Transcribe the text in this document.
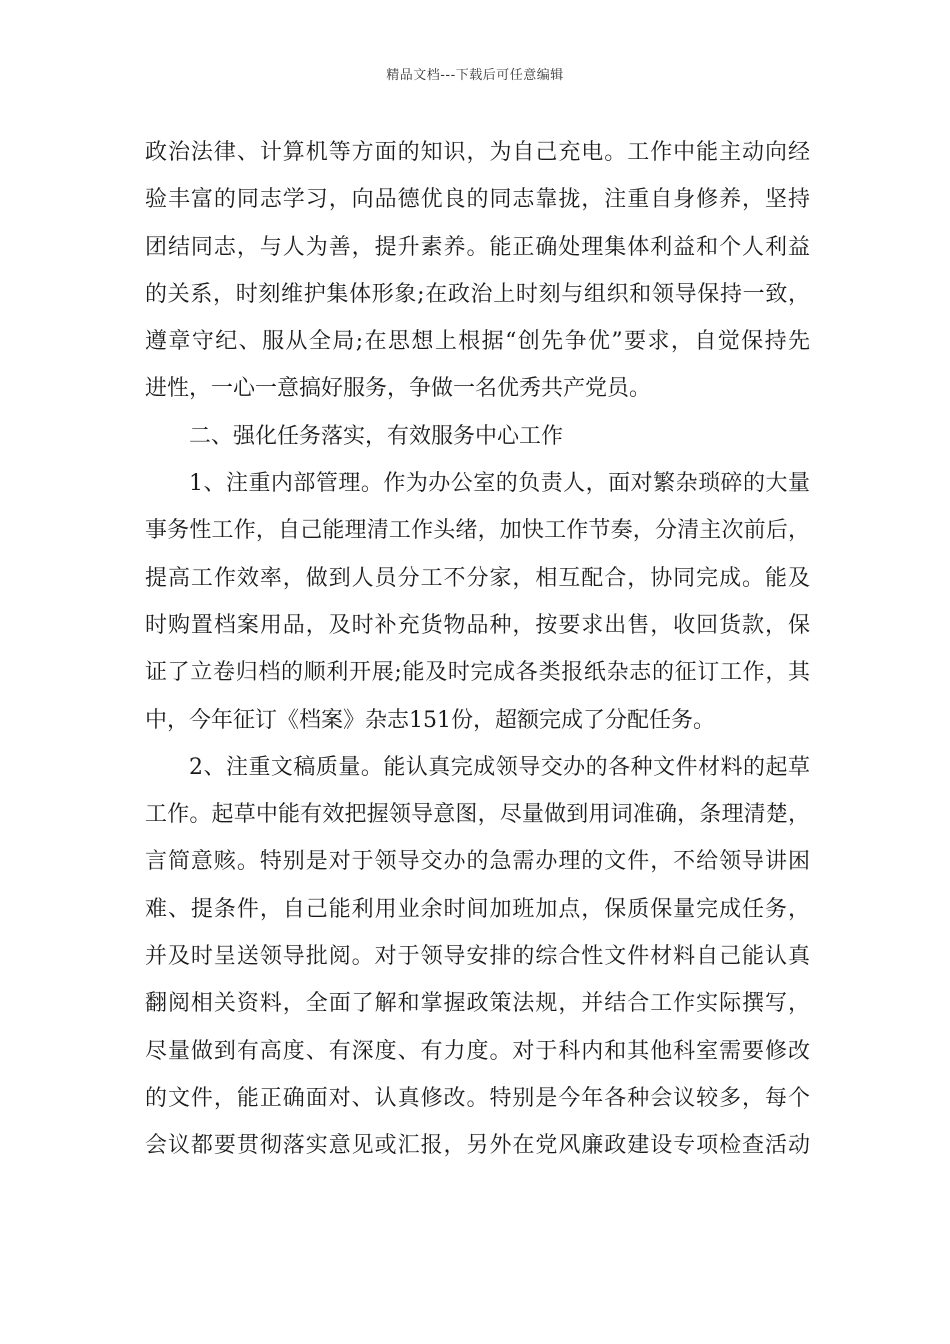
精品文档---下载后可任意编辑
政治法律、计算机等方面的知识，为自己充电。工作中能主动向经
验丰富的同志学习，向品德优良的同志靠拢，注重自身修养，坚持
团结同志，与人为善，提升素养。能正确处理集体利益和个人利益
的关系，时刻维护集体形象;在政治上时刻与组织和领导保持一致，
遵章守纪、服从全局;在思想上根据“创先争优”要求，自觉保持先
进性，一心一意搞好服务，争做一名优秀共产党员。
二、强化任务落实，有效服务中心工作
1、注重内部管理。作为办公室的负责人，面对繁杂琐碎的大量
事务性工作，自己能理清工作头绪，加快工作节奏，分清主次前后，
提高工作效率，做到人员分工不分家，相互配合，协同完成。能及
时购置档案用品，及时补充货物品种，按要求出售，收回货款，保
证了立卷归档的顺利开展;能及时完成各类报纸杂志的征订工作，其
中，今年征订《档案》杂志151份，超额完成了分配任务。
2、注重文稿质量。能认真完成领导交办的各种文件材料的起草
工作。起草中能有效把握领导意图，尽量做到用词准确，条理清楚，
言简意赅。特别是对于领导交办的急需办理的文件，不给领导讲困
难、提条件，自己能利用业余时间加班加点，保质保量完成任务，
并及时呈送领导批阅。对于领导安排的综合性文件材料自己能认真
翻阅相关资料，全面了解和掌握政策法规，并结合工作实际撰写，
尽量做到有高度、有深度、有力度。对于科内和其他科室需要修改
的文件，能正确面对、认真修改。特别是今年各种会议较多，每个
会议都要贯彻落实意见或汇报，另外在党风廉政建设专项检查活动
